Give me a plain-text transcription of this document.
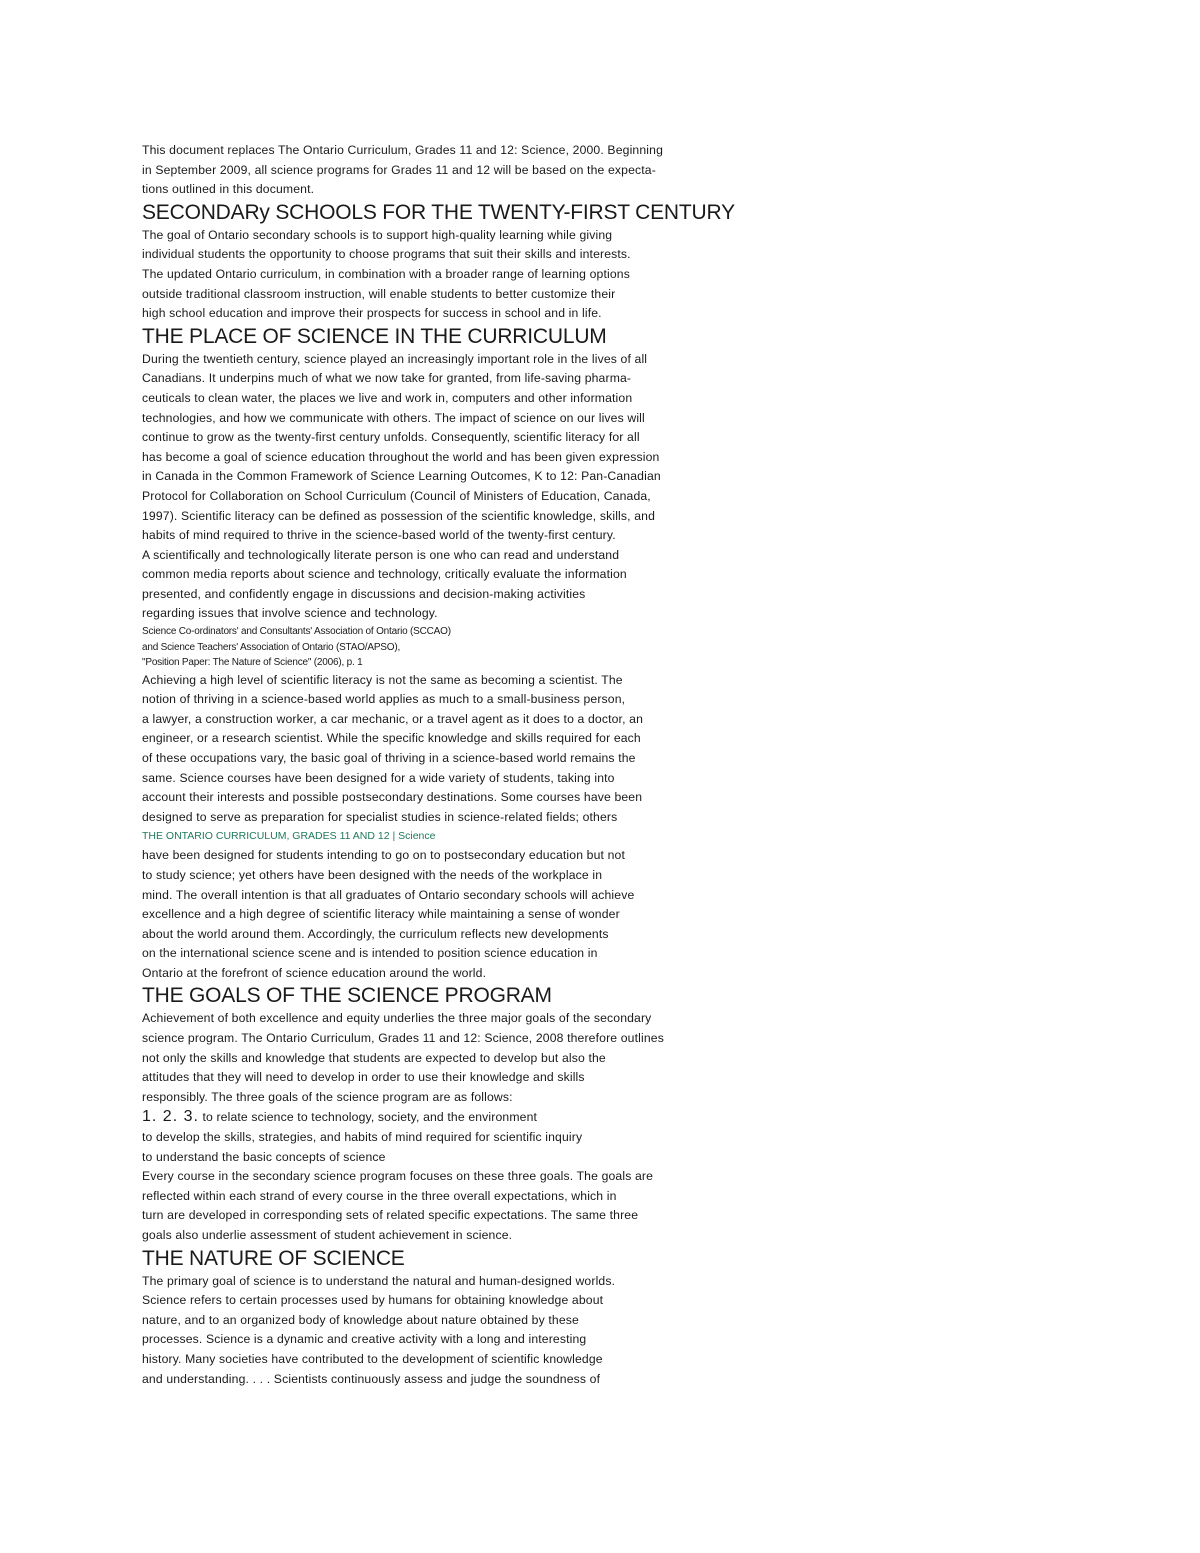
This document replaces The Ontario Curriculum, Grades 11 and 12: Science, 2000. Beginning
in September 2009, all science programs for Grades 11 and 12 will be based on the expecta-
tions outlined in this document.
SECONDARy SCHOOLS FOR THE TWENTY-FIRST CENTURY
The goal of Ontario secondary schools is to support high-quality learning while giving
individual students the opportunity to choose programs that suit their skills and interests.
The updated Ontario curriculum, in combination with a broader range of learning options
outside traditional classroom instruction, will enable students to better customize their
high school education and improve their prospects for success in school and in life.
THE PLACE OF SCIENCE IN THE CURRICULUM
During the twentieth century, science played an increasingly important role in the lives of all
Canadians. It underpins much of what we now take for granted, from life-saving pharma-
ceuticals to clean water, the places we live and work in, computers and other information
technologies, and how we communicate with others. The impact of science on our lives will
continue to grow as the twenty-first century unfolds. Consequently, scientific literacy for all
has become a goal of science education throughout the world and has been given expression
in Canada in the Common Framework of Science Learning Outcomes, K to 12: Pan-Canadian
Protocol for Collaboration on School Curriculum (Council of Ministers of Education, Canada,
1997). Scientific literacy can be defined as possession of the scientific knowledge, skills, and
habits of mind required to thrive in the science-based world of the twenty-first century.
A scientifically and technologically literate person is one who can read and understand
common media reports about science and technology, critically evaluate the information
presented, and confidently engage in discussions and decision-making activities
regarding issues that involve science and technology.
Science Co-ordinators' and Consultants' Association of Ontario (SCCAO)
and Science Teachers' Association of Ontario (STAO/APSO),
"Position Paper: The Nature of Science" (2006), p. 1
Achieving a high level of scientific literacy is not the same as becoming a scientist. The
notion of thriving in a science-based world applies as much to a small-business person,
a lawyer, a construction worker, a car mechanic, or a travel agent as it does to a doctor, an
engineer, or a research scientist. While the specific knowledge and skills required for each
of these occupations vary, the basic goal of thriving in a science-based world remains the
same. Science courses have been designed for a wide variety of students, taking into
account their interests and possible postsecondary destinations. Some courses have been
designed to serve as preparation for specialist studies in science-related fields; others
THE ONTARIO CURRICULUM, GRADES 11 AND 12 | Science
have been designed for students intending to go on to postsecondary education but not
to study science; yet others have been designed with the needs of the workplace in
mind. The overall intention is that all graduates of Ontario secondary schools will achieve
excellence and a high degree of scientific literacy while maintaining a sense of wonder
about the world around them. Accordingly, the curriculum reflects new developments
on the international science scene and is intended to position science education in
Ontario at the forefront of science education around the world.
THE GOALS OF THE SCIENCE PROGRAM
Achievement of both excellence and equity underlies the three major goals of the secondary
science program. The Ontario Curriculum, Grades 11 and 12: Science, 2008 therefore outlines
not only the skills and knowledge that students are expected to develop but also the
attitudes that they will need to develop in order to use their knowledge and skills
responsibly. The three goals of the science program are as follows:
1. 2. 3. to relate science to technology, society, and the environment
to develop the skills, strategies, and habits of mind required for scientific inquiry
to understand the basic concepts of science
Every course in the secondary science program focuses on these three goals. The goals are
reflected within each strand of every course in the three overall expectations, which in
turn are developed in corresponding sets of related specific expectations. The same three
goals also underlie assessment of student achievement in science.
THE NATURE OF SCIENCE
The primary goal of science is to understand the natural and human-designed worlds.
Science refers to certain processes used by humans for obtaining knowledge about
nature, and to an organized body of knowledge about nature obtained by these
processes. Science is a dynamic and creative activity with a long and interesting
history. Many societies have contributed to the development of scientific knowledge
and understanding. . . . Scientists continuously assess and judge the soundness of
